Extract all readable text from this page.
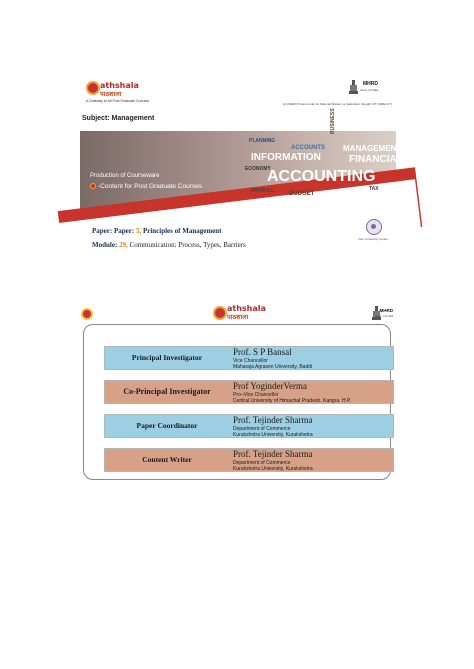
athshala
पाठशाला
A Gateway to All Post Graduate Courses
MHRD
Govt. of India
An MHRD Project under its National Mission on Education thought ICT (NME-ICT)
Subject: Management
Production of Courseware
-Content for Post Graduate Courses
PLANNING
ACCOUNTS
BUSINESS
MANAGEMENT
INFORMATION	FINANCIAL
ECONOMY
ACCOUNTING
PAYROLL BUDGET
TAX
Paper: Paper: 5, Principles of Management
Module: 29, Communication: Process, Types, Barriers
Inter University Centre
athshala
पाठशाला
MHRD
Govt. of India
Principal Investigator
Prof. S P Bansal
Vice Chancellor
Maharaja Agrasen University, Baddi
Co-Principal Investigator
Prof YoginderVerma
Pro–Vice Chancellor
Central University of Himachal Pradesh. Kangra. H.P.
Paper Coordinator
Prof. Tejinder Sharma
Department of Commerce
Kurukshetra University, Kurukshetra
Content Writer
Prof. Tejinder Sharma
Department of Commerce
Kurukshetra University, Kurukshetra
